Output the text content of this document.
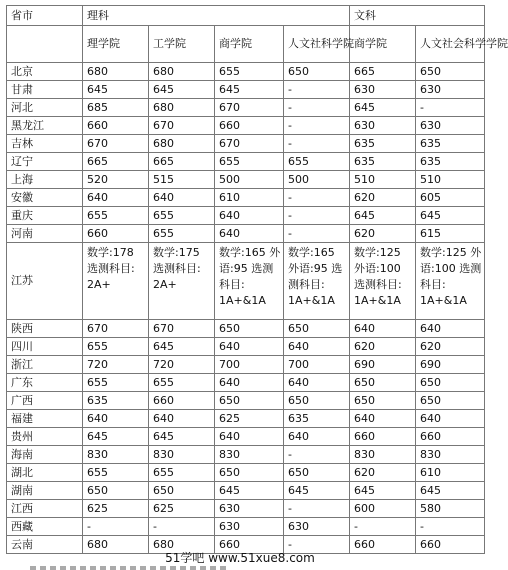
省市	理科				文科	
	理学院	工学院	商学院	人文社科学院	商学院	人文社会科学学院
北京	680	680	655	650	665	650
甘肃	645	645	645	-	630	630
河北	685	680	670	-	645	-
黑龙江	660	670	660	-	630	630
吉林	670	680	670	-	635	635
辽宁	665	665	655	655	635	635
上海	520	515	500	500	510	510
安徽	640	640	610	-	620	605
重庆	655	655	640	-	645	645
河南	660	655	640	-	620	615
江苏	数学:178 选测科目: 2A+	数学:175 选测科目: 2A+	数学:165 外语:95 选测科目: 1A+&1A	数学:165 外语:95 选测科目: 1A+&1A	数学:125 外语:100 选测科目: 1A+&1A	数学:125 外语:100 选测科目: 1A+&1A
陕西	670	670	650	650	640	640
四川	655	645	640	640	620	620
浙江	720	720	700	700	690	690
广东	655	655	640	640	650	650
广西	635	660	650	650	650	650
福建	640	640	625	635	640	640
贵州	645	645	640	640	660	660
海南	830	830	830	-	830	830
湖北	655	655	650	650	620	610
湖南	650	650	645	645	645	645
江西	625	625	630	-	600	580
西藏	-	-	630	630	-	-
云南	680	680	660	-	660	660
51学吧 www.51xue8.com
